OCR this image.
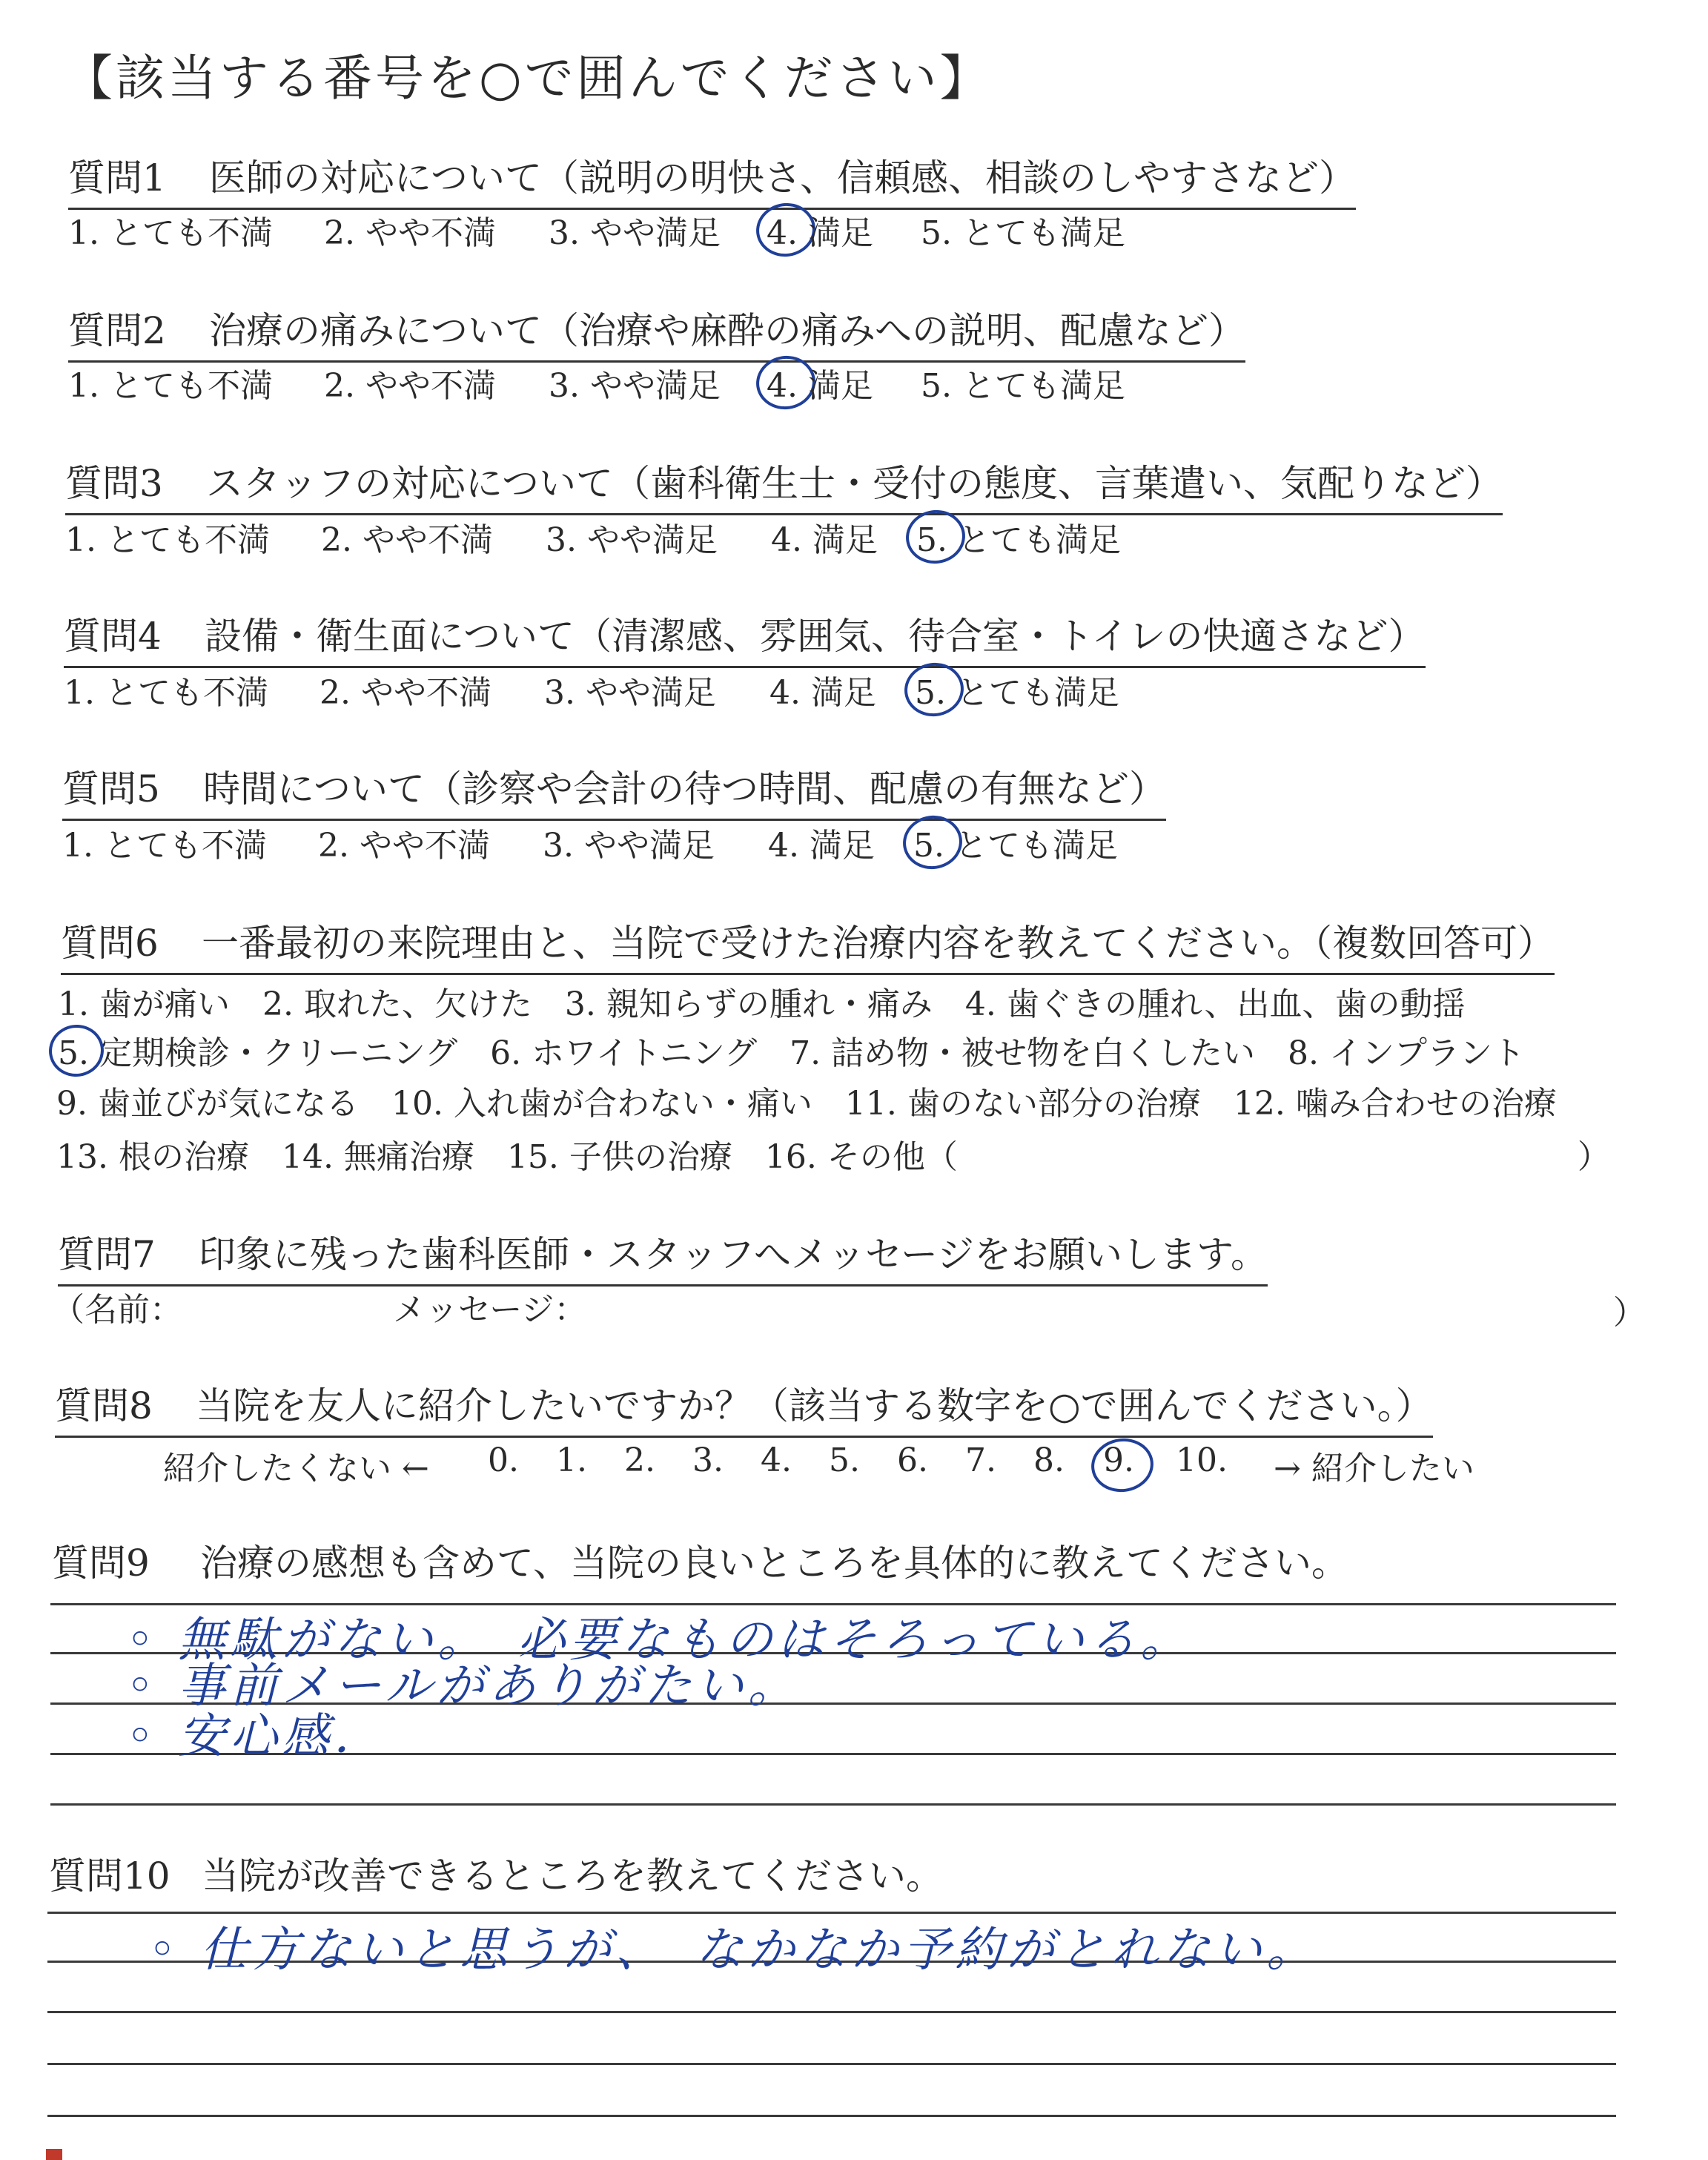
【該当する番号を○で囲んでください】
質問1 医師の対応について（説明の明快さ、信頼感、相談のしやすさなど）
1. とても不満 2. やや不満 3. やや満足 4. 満足 5. とても満足
質問2 治療の痛みについて（治療や麻酔の痛みへの説明、配慮など）
1. とても不満 2. やや不満 3. やや満足 4. 満足 5. とても満足
質問3 スタッフの対応について（歯科衛生士・受付の態度、言葉遣い、気配りなど）
1. とても不満 2. やや不満 3. やや満足 4. 満足 5. とても満足
質問4 設備・衛生面について（清潔感、雰囲気、待合室・トイレの快適さなど）
1. とても不満 2. やや不満 3. やや満足 4. 満足 5. とても満足
質問5 時間について（診察や会計の待つ時間、配慮の有無など）
1. とても不満 2. やや不満 3. やや満足 4. 満足 5. とても満足
質問6 一番最初の来院理由と、当院で受けた治療内容を教えてください。（複数回答可）
1. 歯が痛い　2. 取れた、欠けた　3. 親知らずの腫れ・痛み　4. 歯ぐきの腫れ、出血、歯の動揺
5. 定期検診・クリーニング　6. ホワイトニング　7. 詰め物・被せ物を白くしたい　8. インプラント
9. 歯並びが気になる　10. 入れ歯が合わない・痛い　11. 歯のない部分の治療　12. 噛み合わせの治療
13. 根の治療　14. 無痛治療　15. 子供の治療　16. その他（　　　　　　　　　　　　　　　　　　　）
質問7 印象に残った歯科医師・スタッフへメッセージをお願いします。
（名前：	メッセージ：	）
質問8 当院を友人に紹介したいですか？（該当する数字を○で囲んでください。）
紹介したくない ← 0. 1. 2. 3. 4. 5. 6. 7. 8. 9. 10. → 紹介したい
質問9 治療の感想も含めて、当院の良いところを具体的に教えてください。
◦ 無駄がない。　必要なものはそろっている。
◦ 事前メールがありがたい。
◦ 安心感．
質問10 当院が改善できるところを教えてください。
◦ 仕方ないと思うが、　なかなか予約がとれない。
